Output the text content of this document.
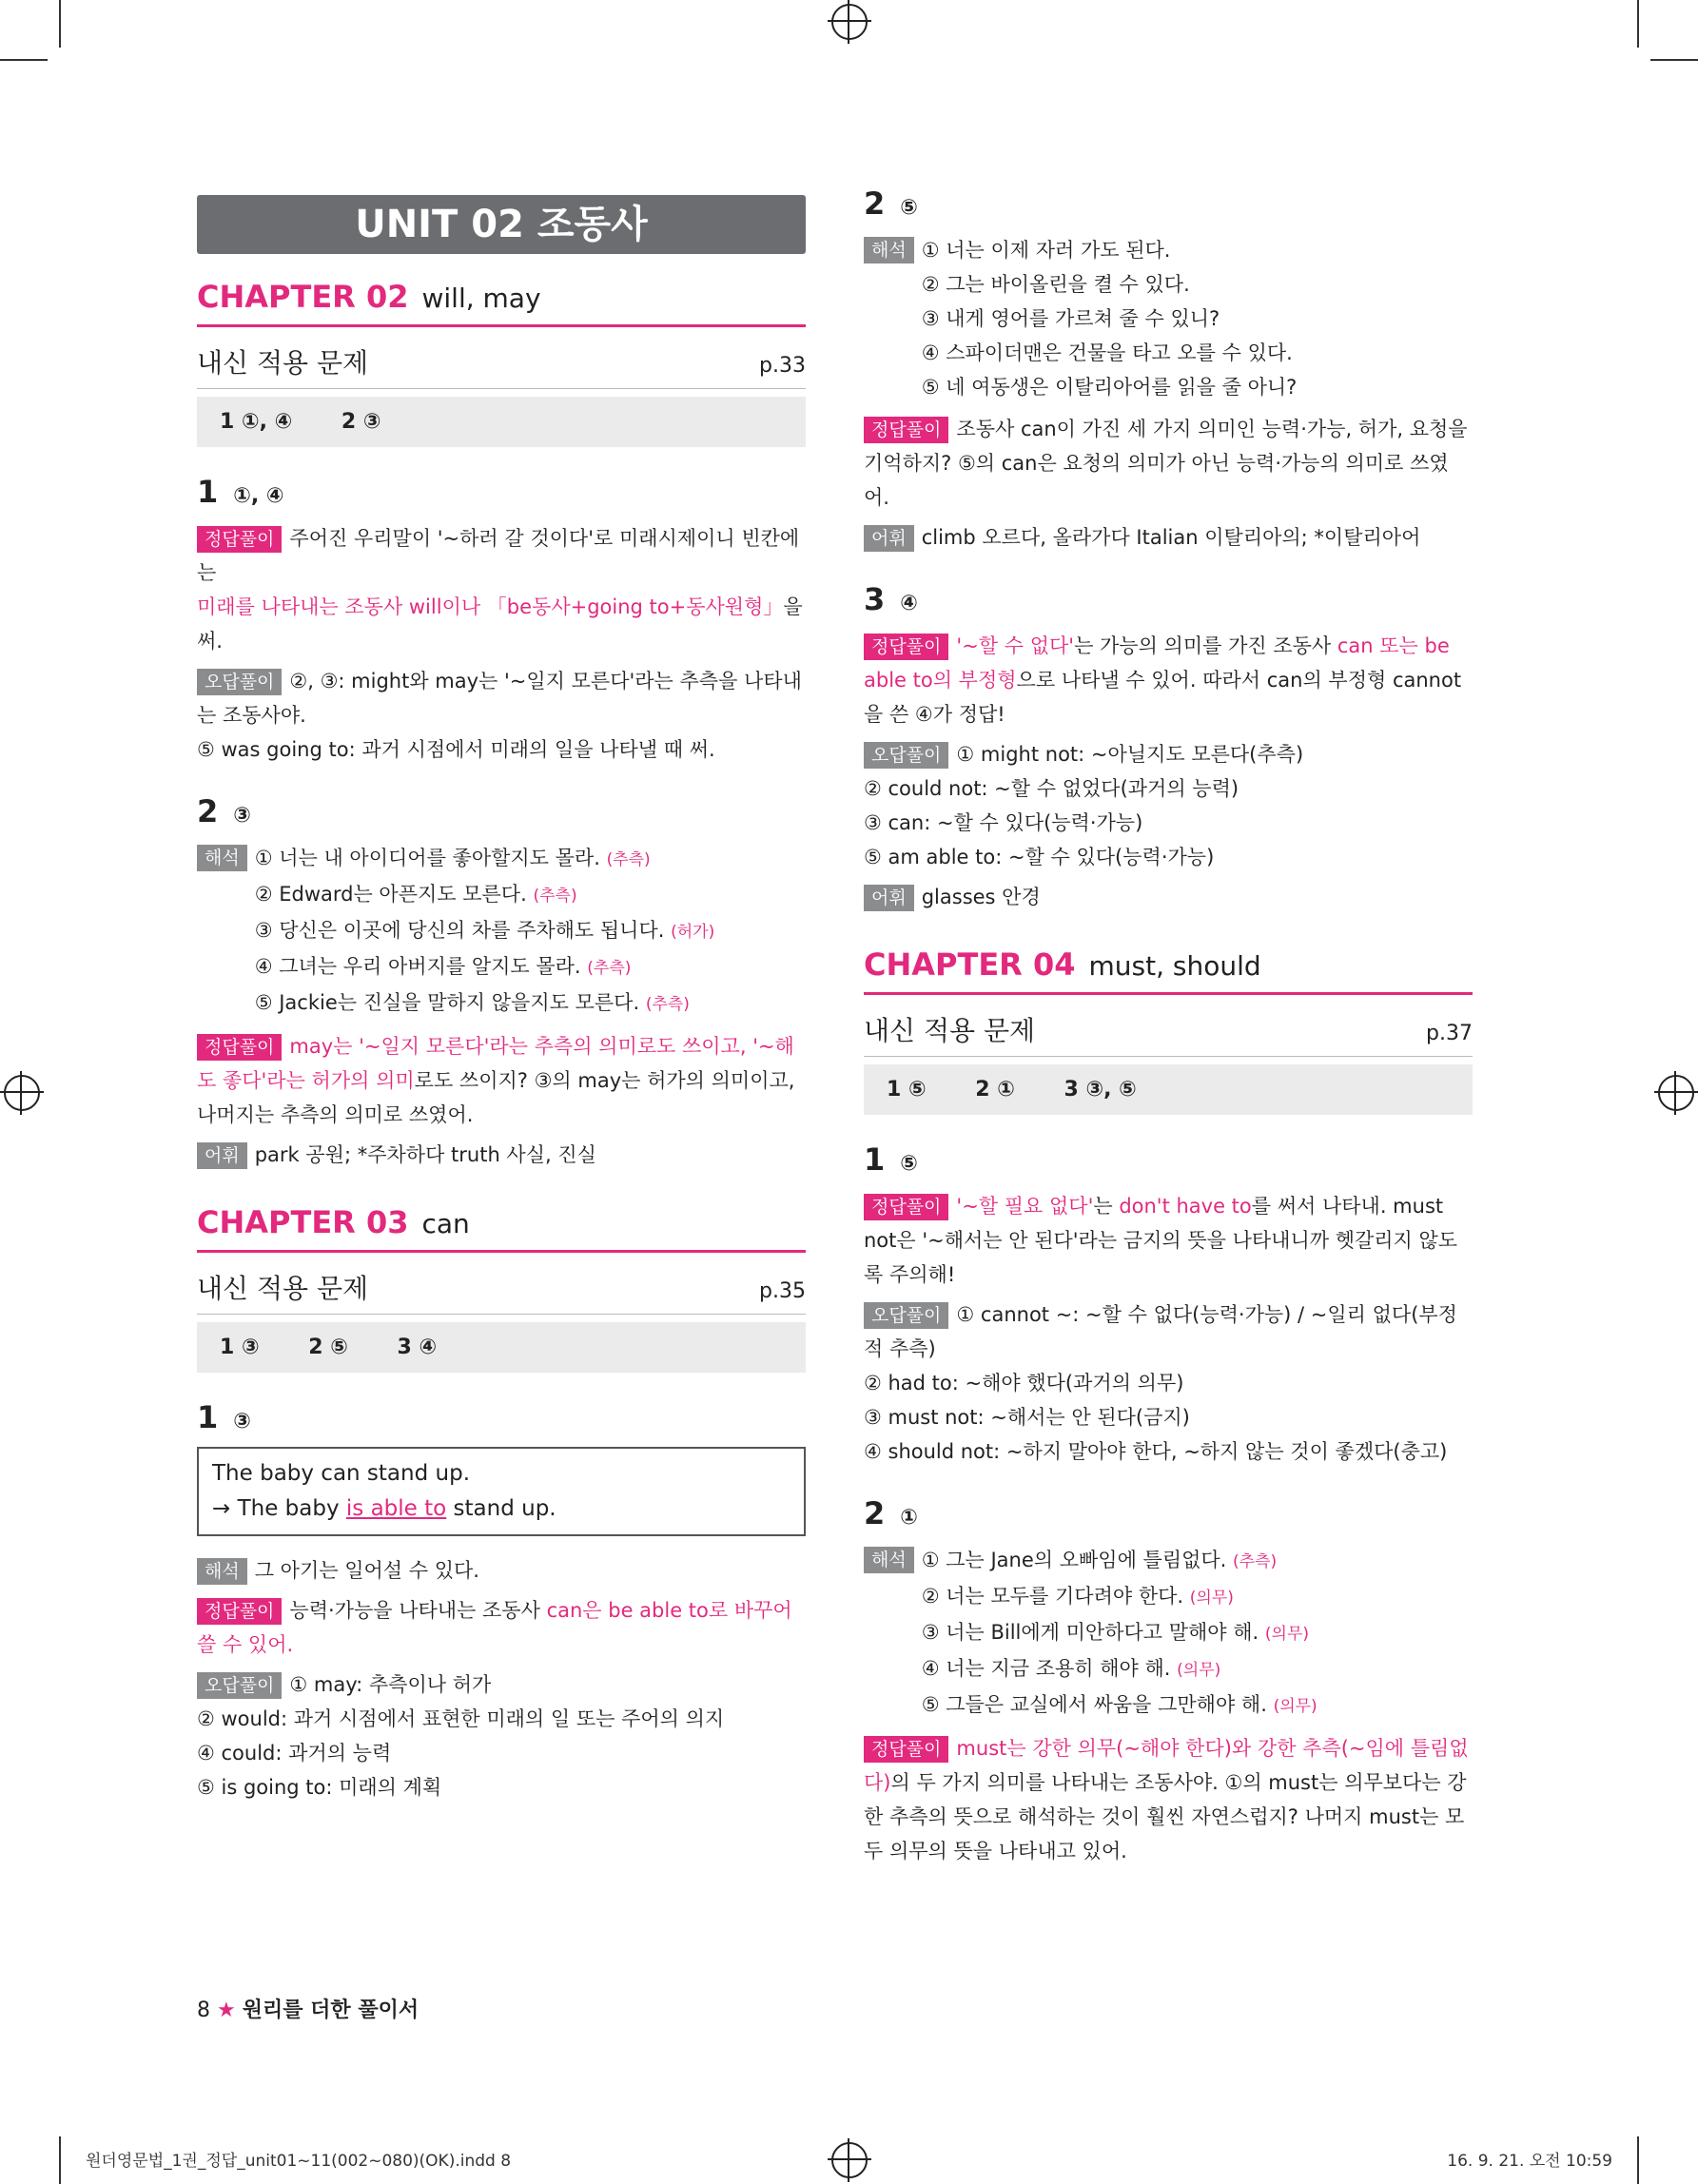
UNIT 02 조동사
CHAPTER 02 will, may
내신 적용 문제	p.33
1 ①, ④ 2 ③
1 ①, ④
정답풀이 주어진 우리말이 '~하러 갈 것이다'로 미래시제이니 빈칸에는 미래를 나타내는 조동사 will이나 「be동사+going to+동사원형」을 써.
오답풀이 ②, ③: might와 may는 '~일지 모른다'라는 추측을 나타내는 조동사야.
⑤ was going to: 과거 시점에서 미래의 일을 나타낼 때 써.
2 ③
해석 ① 너는 내 아이디어를 좋아할지도 몰라. (추측)
② Edward는 아픈지도 모른다. (추측)
③ 당신은 이곳에 당신의 차를 주차해도 됩니다. (허가)
④ 그녀는 우리 아버지를 알지도 몰라. (추측)
⑤ Jackie는 진실을 말하지 않을지도 모른다. (추측)
정답풀이 may는 '~일지 모른다'라는 추측의 의미로도 쓰이고, '~해도 좋다'라는 허가의 의미로도 쓰이지? ③의 may는 허가의 의미이고, 나머지는 추측의 의미로 쓰였어.
어휘 park 공원; *주차하다 truth 사실, 진실
CHAPTER 03 can
내신 적용 문제	p.35
1 ③ 2 ⑤ 3 ④
1 ③
The baby can stand up.
→ The baby is able to stand up.
해석 그 아기는 일어설 수 있다.
정답풀이 능력·가능을 나타내는 조동사 can은 be able to로 바꾸어 쓸 수 있어.
오답풀이 ① may: 추측이나 허가
② would: 과거 시점에서 표현한 미래의 일 또는 주어의 의지
④ could: 과거의 능력
⑤ is going to: 미래의 계획
2 ⑤
해석 ① 너는 이제 자러 가도 된다.
② 그는 바이올린을 켤 수 있다.
③ 내게 영어를 가르쳐 줄 수 있니?
④ 스파이더맨은 건물을 타고 오를 수 있다.
⑤ 네 여동생은 이탈리아어를 읽을 줄 아니?
정답풀이 조동사 can이 가진 세 가지 의미인 능력·가능, 허가, 요청을 기억하지? ⑤의 can은 요청의 의미가 아닌 능력·가능의 의미로 쓰였어.
어휘 climb 오르다, 올라가다 Italian 이탈리아의; *이탈리아어
3 ④
정답풀이 '~할 수 없다'는 가능의 의미를 가진 조동사 can 또는 be able to의 부정형으로 나타낼 수 있어. 따라서 can의 부정형 cannot을 쓴 ④가 정답!
오답풀이 ① might not: ~아닐지도 모른다(추측)
② could not: ~할 수 없었다(과거의 능력)
③ can: ~할 수 있다(능력·가능)
⑤ am able to: ~할 수 있다(능력·가능)
어휘 glasses 안경
CHAPTER 04 must, should
내신 적용 문제	p.37
1 ⑤ 2 ① 3 ③, ⑤
1 ⑤
정답풀이 '~할 필요 없다'는 don't have to를 써서 나타내. must not은 '~해서는 안 된다'라는 금지의 뜻을 나타내니까 헷갈리지 않도록 주의해!
오답풀이 ① cannot ~: ~할 수 없다(능력·가능) / ~일리 없다(부정적 추측)
② had to: ~해야 했다(과거의 의무)
③ must not: ~해서는 안 된다(금지)
④ should not: ~하지 말아야 한다, ~하지 않는 것이 좋겠다(충고)
2 ①
해석 ① 그는 Jane의 오빠임에 틀림없다. (추측)
② 너는 모두를 기다려야 한다. (의무)
③ 너는 Bill에게 미안하다고 말해야 해. (의무)
④ 너는 지금 조용히 해야 해. (의무)
⑤ 그들은 교실에서 싸움을 그만해야 해. (의무)
정답풀이 must는 강한 의무(~해야 한다)와 강한 추측(~임에 틀림없다)의 두 가지 의미를 나타내는 조동사야. ①의 must는 의무보다는 강한 추측의 뜻으로 해석하는 것이 훨씬 자연스럽지? 나머지 must는 모두 의무의 뜻을 나타내고 있어.
8 ★ 원리를 더한 풀이서
원더영문법_1권_정답_unit01~11(002~080)(OK).indd 8	16. 9. 21. 오전 10:59
